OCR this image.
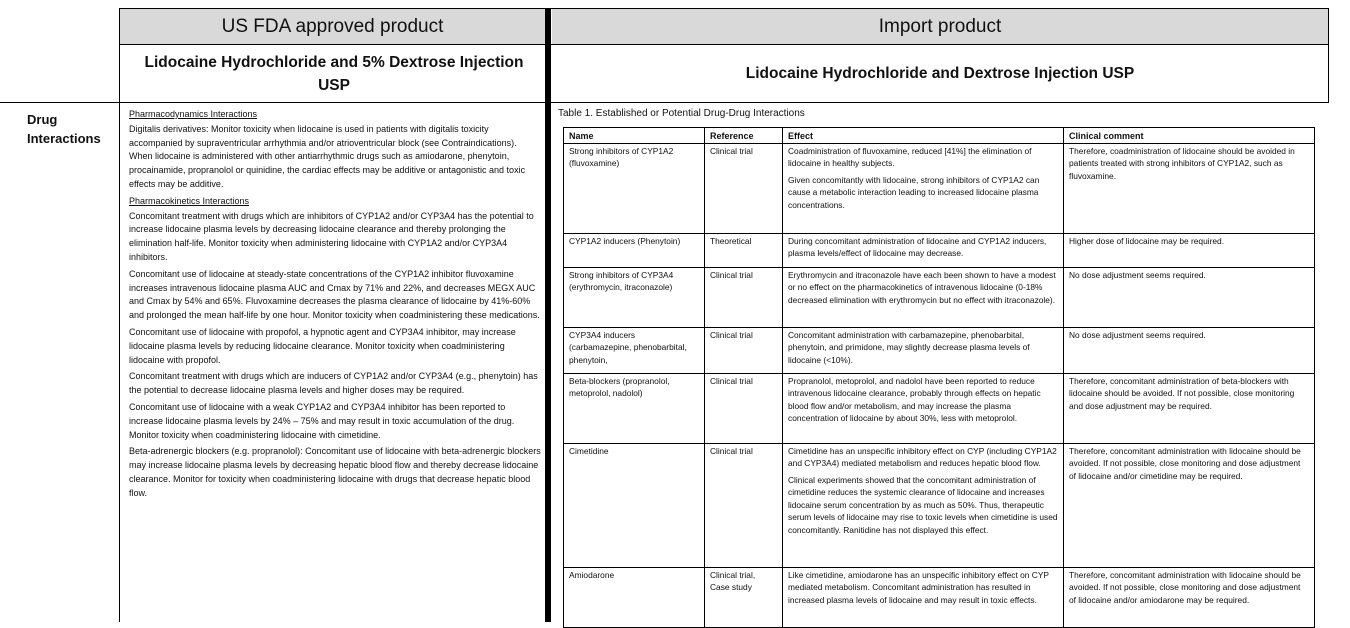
US FDA approved product	Import product
Lidocaine Hydrochloride and 5% Dextrose Injection USP
Lidocaine Hydrochloride and Dextrose Injection USP
Drug Interactions

Pharmacodynamics Interactions

Digitalis derivatives: Monitor toxicity when lidocaine is used in patients with digitalis toxicity accompanied by supraventricular arrhythmia and/or atrioventricular block (see Contraindications). When lidocaine is administered with other antiarrhythmic drugs such as amiodarone, phenytoin, procainamide, propranolol or quinidine, the cardiac effects may be additive or antagonistic and toxic effects may be additive.

Pharmacokinetics Interactions

Concomitant treatment with drugs which are inhibitors of CYP1A2 and/or CYP3A4 has the potential to increase lidocaine plasma levels by decreasing lidocaine clearance and thereby prolonging the elimination half-life. Monitor toxicity when administering lidocaine with CYP1A2 and/or CYP3A4 inhibitors.

Concomitant use of lidocaine at steady-state concentrations of the CYP1A2 inhibitor fluvoxamine increases intravenous lidocaine plasma AUC and Cmax by 71% and 22%, and decreases MEGX AUC and Cmax by 54% and 65%. Fluvoxamine decreases the plasma clearance of lidocaine by 41%-60% and prolonged the mean half-life by one hour. Monitor toxicity when coadministering these medications.

Concomitant use of lidocaine with propofol, a hypnotic agent and CYP3A4 inhibitor, may increase lidocaine plasma levels by reducing lidocaine clearance. Monitor toxicity when coadministering lidocaine with propofol.

Concomitant treatment with drugs which are inducers of CYP1A2 and/or CYP3A4 (e.g., phenytoin) has the potential to decrease lidocaine plasma levels and higher doses may be required.

Concomitant use of lidocaine with a weak CYP1A2 and CYP3A4 inhibitor has been reported to increase lidocaine plasma levels by 24% – 75% and may result in toxic accumulation of the drug. Monitor toxicity when coadministering lidocaine with cimetidine.

Beta-adrenergic blockers (e.g. propranolol): Concomitant use of lidocaine with beta-adrenergic blockers may increase lidocaine plasma levels by decreasing hepatic blood flow and thereby decrease lidocaine clearance. Monitor for toxicity when coadministering lidocaine with drugs that decrease hepatic blood flow.

Table 1. Established or Potential Drug-Drug Interactions
Name	Reference	Effect	Clinical comment
Strong inhibitors of CYP1A2 (fluvoxamine)	Clinical trial	Coadministration of fluvoxamine, reduced [41%] the elimination of lidocaine in healthy subjects.

Given concomitantly with lidocaine, strong inhibitors of CYP1A2 can cause a metabolic interaction leading to increased lidocaine plasma concentrations.	Therefore, coadministration of lidocaine should be avoided in patients treated with strong inhibitors of CYP1A2, such as fluvoxamine.
CYP1A2 inducers (Phenytoin)	Theoretical	During concomitant administration of lidocaine and CYP1A2 inducers, plasma levels/effect of lidocaine may decrease.	Higher dose of lidocaine may be required.
Strong inhibitors of CYP3A4 (erythromycin, itraconazole)	Clinical trial	Erythromycin and itraconazole have each been shown to have a modest or no effect on the pharmacokinetics of intravenous lidocaine (0-18% decreased elimination with erythromycin but no effect with itraconazole).	No dose adjustment seems required.
CYP3A4 inducers (carbamazepine, phenobarbital, phenytoin,	Clinical trial	Concomitant administration with carbamazepine, phenobarbital, phenytoin, and primidone, may slightly decrease plasma levels of lidocaine (<10%).	No dose adjustment seems required.
Beta-blockers (propranolol, metoprolol, nadolol)	Clinical trial	Propranolol, metoprolol, and nadolol have been reported to reduce intravenous lidocaine clearance, probably through effects on hepatic blood flow and/or metabolism, and may increase the plasma concentration of lidocaine by about 30%, less with metoprolol.	Therefore, concomitant administration of beta-blockers with lidocaine should be avoided. If not possible, close monitoring and dose adjustment may be required.
Cimetidine	Clinical trial	Cimetidine has an unspecific inhibitory effect on CYP (including CYP1A2 and CYP3A4) mediated metabolism and reduces hepatic blood flow.

Clinical experiments showed that the concomitant administration of cimetidine reduces the systemic clearance of lidocaine and increases lidocaine serum concentration by as much as 50%. Thus, therapeutic serum levels of lidocaine may rise to toxic levels when cimetidine is used concomitantly. Ranitidine has not displayed this effect.	Therefore, concomitant administration with lidocaine should be avoided. If not possible, close monitoring and dose adjustment of lidocaine and/or cimetidine may be required.
Amiodarone	Clinical trial, Case study	Like cimetidine, amiodarone has an unspecific inhibitory effect on CYP mediated metabolism. Concomitant administration has resulted in increased plasma levels of lidocaine and may result in toxic effects.	Therefore, concomitant administration with lidocaine should be avoided. If not possible, close monitoring and dose adjustment of lidocaine and/or amiodarone may be required.
